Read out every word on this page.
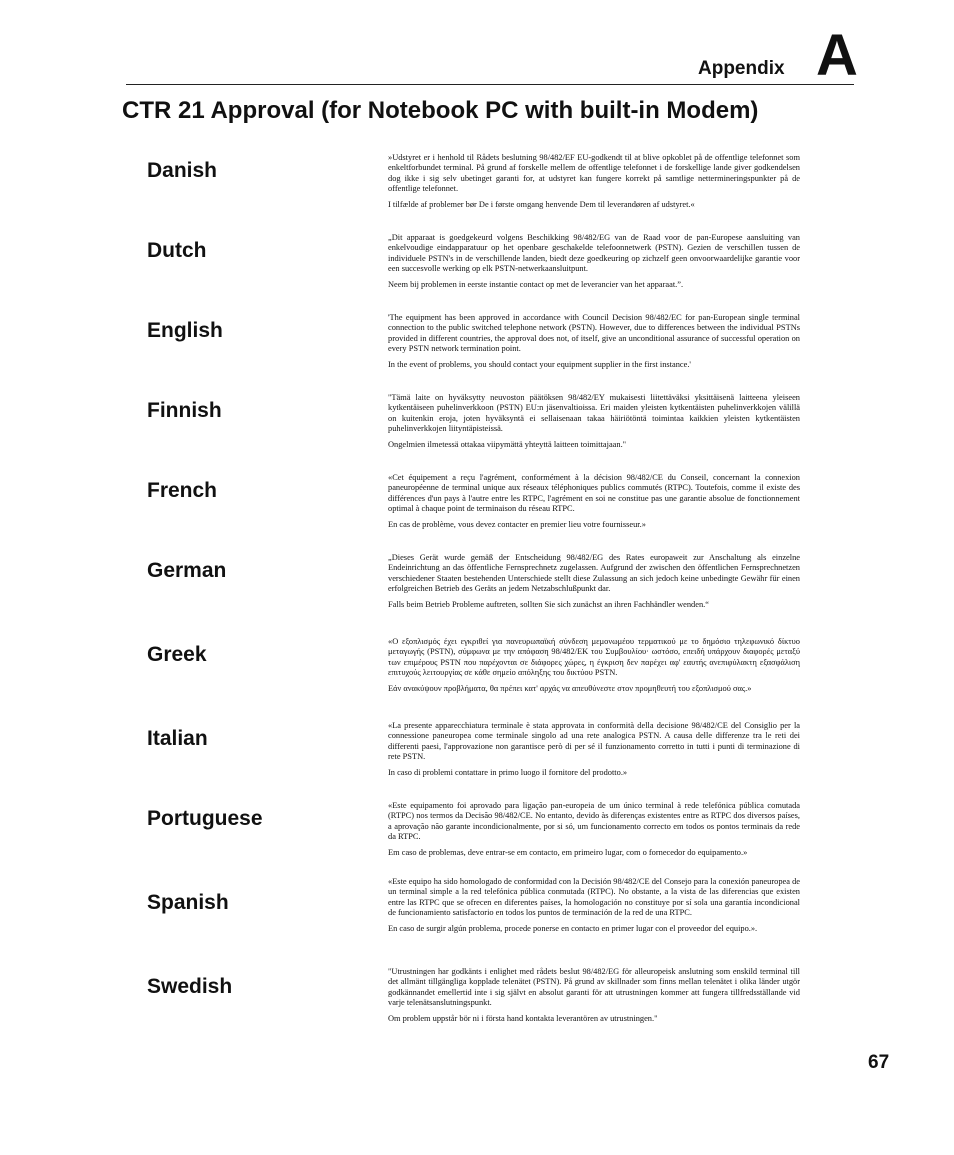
Appendix A
CTR 21 Approval (for Notebook PC with built-in Modem)
Danish

»Udstyret er i henhold til Rådets beslutning 98/482/EF EU-godkendt til at blive opkoblet på de offentlige telefonnet som enkeltforbundet terminal. På grund af forskelle mellem de offentlige telefonnet i de forskellige lande giver godkendelsen dog ikke i sig selv ubetinget garanti for, at udstyret kan fungere korrekt på samtlige nettermineringspunkter på de offentlige telefonnet.

I tilfælde af problemer bør De i første omgang henvende Dem til leverandøren af udstyret.«

Dutch

„Dit apparaat is goedgekeurd volgens Beschikking 98/482/EG van de Raad voor de pan-Europese aansluiting van enkelvoudige eindapparatuur op het openbare geschakelde telefoonnetwerk (PSTN). Gezien de verschillen tussen de individuele PSTN's in de verschillende landen, biedt deze goedkeuring op zichzelf geen onvoorwaardelijke garantie voor een succesvolle werking op elk PSTN-netwerkaansluitpunt.

Neem bij problemen in eerste instantie contact op met de leverancier van het apparaat.”.

English

'The equipment has been approved in accordance with Council Decision 98/482/EC for pan-European single terminal connection to the public switched telephone network (PSTN). However, due to differences between the individual PSTNs provided in different countries, the approval does not, of itself, give an unconditional assurance of successful operation on every PSTN network termination point.

In the event of problems, you should contact your equipment supplier in the first instance.'

Finnish

"Tämä laite on hyväksytty neuvoston päätöksen 98/482/EY mukaisesti liitettäväksi yksittäisenä laitteena yleiseen kytkentäiseen puhelinverkkoon (PSTN) EU:n jäsenvaltioissa. Eri maiden yleisten kytkentäisten puhelinverkkojen välillä on kuitenkin eroja, joten hyväksyntä ei sellaisenaan takaa häiriötöntä toimintaa kaikkien yleisten kytkentäisten puhelinverkkojen liityntäpisteissä.

Ongelmien ilmetessä ottakaa viipymättä yhteyttä laitteen toimittajaan."

French

«Cet équipement a reçu l'agrément, conformément à la décision 98/482/CE du Conseil, concernant la connexion paneuropéenne de terminal unique aux réseaux téléphoniques publics commutés (RTPC). Toutefois, comme il existe des différences d'un pays à l'autre entre les RTPC, l'agrément en soi ne constitue pas une garantie absolue de fonctionnement optimal à chaque point de terminaison du réseau RTPC.

En cas de problème, vous devez contacter en premier lieu votre fournisseur.»

German

„Dieses Gerät wurde gemäß der Entscheidung 98/482/EG des Rates europaweit zur Anschaltung als einzelne Endeinrichtung an das öffentliche Fernsprechnetz zugelassen. Aufgrund der zwischen den öffentlichen Fernsprechnetzen verschiedener Staaten bestehenden Unterschiede stellt diese Zulassung an sich jedoch keine unbedingte Gewähr für einen erfolgreichen Betrieb des Geräts an jedem Netzabschlußpunkt dar.

Falls beim Betrieb Probleme auftreten, sollten Sie sich zunächst an ihren Fachhändler wenden.“

Greek

«Ο εξοπλισμός έχει εγκριθεί για πανευρωπαϊκή σύνδεση μεμονωμέου τερματικού με το δημόσιο τηλεφωνικό δίκτυο μεταγωγής (PSTN), σύμφωνα με την απόφαση 98/482/ΕΚ του Συμβουλίου· ωστόσο, επειδή υπάρχουν διαφορές μεταξύ των επιμέρους PSTN που παρέχονται σε διάφορες χώρες, η έγκριση δεν παρέχει αφ' εαυτής ανεπιφύλακτη εξασφάλιση επιτυχούς λειτουργίας σε κάθε σημείο απόληξης του δικτύου PSTN.

Εάν ανακύψουν προβλήματα, θα πρέπει κατ' αρχάς να απευθύνεστε στον προμηθευτή του εξοπλισμού σας.»

Italian

«La presente apparecchiatura terminale è stata approvata in conformità della decisione 98/482/CE del Consiglio per la connessione paneuropea come terminale singolo ad una rete analogica PSTN. A causa delle differenze tra le reti dei differenti paesi, l'approvazione non garantisce però di per sé il funzionamento corretto in tutti i punti di terminazione di rete PSTN.

In caso di problemi contattare in primo luogo il fornitore del prodotto.»

Portuguese

«Este equipamento foi aprovado para ligação pan-europeia de um único terminal à rede telefónica pública comutada (RTPC) nos termos da Decisão 98/482/CE. No entanto, devido às diferenças existentes entre as RTPC dos diversos países, a aprovação não garante incondicionalmente, por si só, um funcionamento correcto em todos os pontos terminais da rede da RTPC.

Em caso de problemas, deve entrar-se em contacto, em primeiro lugar, com o fornecedor do equipamento.»

Spanish

«Este equipo ha sido homologado de conformidad con la Decisión 98/482/CE del Consejo para la conexión paneuropea de un terminal simple a la red telefónica pública conmutada (RTPC). No obstante, a la vista de las diferencias que existen entre las RTPC que se ofrecen en diferentes países, la homologación no constituye por sí sola una garantía incondicional de funcionamiento satisfactorio en todos los puntos de terminación de la red de una RTPC.

En caso de surgir algún problema, procede ponerse en contacto en primer lugar con el proveedor del equipo.».

Swedish

"Utrustningen har godkänts i enlighet med rådets beslut 98/482/EG för alleuropeisk anslutning som enskild terminal till det allmänt tillgängliga kopplade telenätet (PSTN). På grund av skillnader som finns mellan telenätet i olika länder utgör godkännandet emellertid inte i sig självt en absolut garanti för att utrustningen kommer att fungera tillfredsställande vid varje telenätsanslutningspunkt.

Om problem uppstår bör ni i första hand kontakta leverantören av utrustningen."

67
